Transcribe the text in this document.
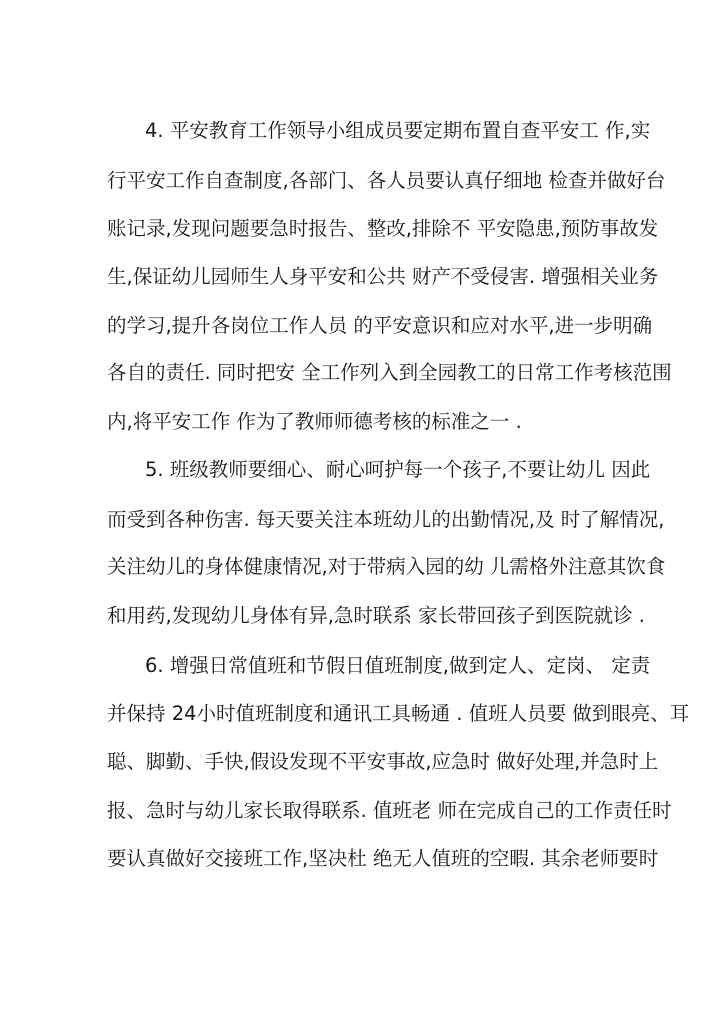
4. 平安教育工作领导小组成员要定期布置自查平安工 作,实
行平安工作自查制度,各部门、各人员要认真仔细地 检查并做好台
账记录,发现问题要急时报告、整改,排除不 平安隐患,预防事故发
生,保证幼儿园师生人身平安和公共 财产不受侵害. 增强相关业务
的学习,提升各岗位工作人员 的平安意识和应对水平,进一步明确
各自的责任. 同时把安 全工作列入到全园教工的日常工作考核范围
内,将平安工作 作为了教师师德考核的标准之一 .
5. 班级教师要细心、耐心呵护每一个孩子,不要让幼儿 因此
而受到各种伤害. 每天要关注本班幼儿的出勤情况,及 时了解情况,
关注幼儿的身体健康情况,对于带病入园的幼 儿需格外注意其饮食
和用药,发现幼儿身体有异,急时联系 家长带回孩子到医院就诊 .
6. 增强日常值班和节假日值班制度,做到定人、定岗、 定责
并保持 24小时值班制度和通讯工具畅通 . 值班人员要 做到眼亮、耳
聪、脚勤、手快,假设发现不平安事故,应急时 做好处理,并急时上
报、急时与幼儿家长取得联系. 值班老 师在完成自己的工作责任时
要认真做好交接班工作,坚决杜 绝无人值班的空暇. 其余老师要时
